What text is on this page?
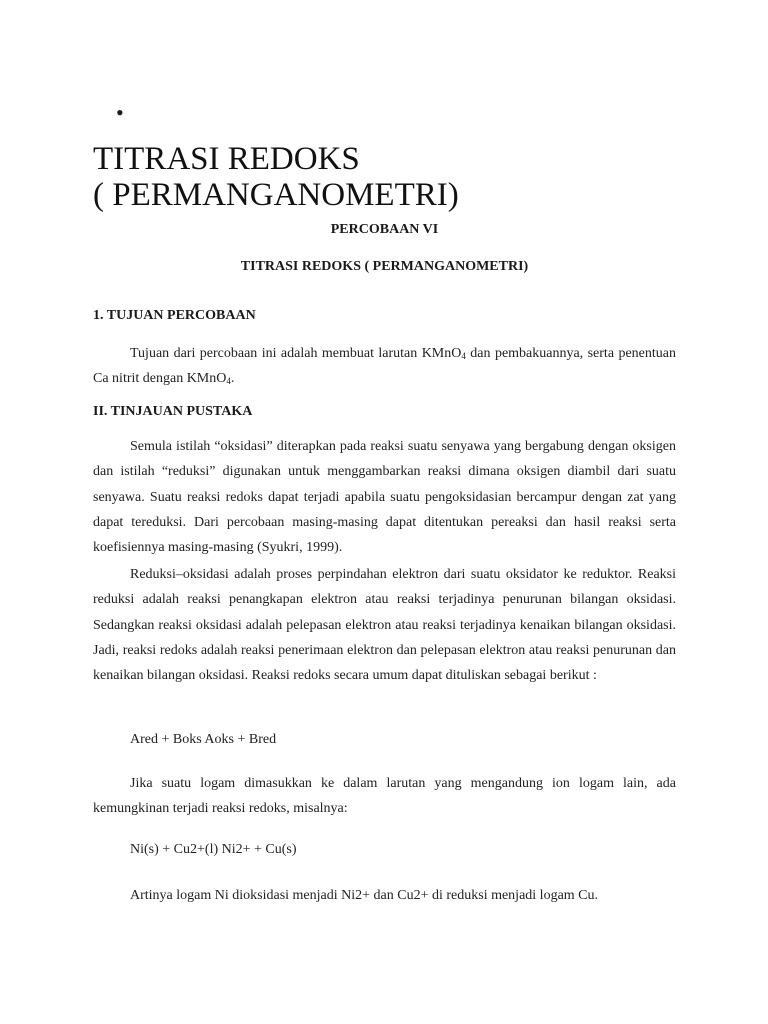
•
TITRASI REDOKS
( PERMANGANOMETRI)

PERCOBAAN VI

TITRASI REDOKS ( PERMANGANOMETRI)

1. TUJUAN PERCOBAAN

Tujuan dari percobaan ini adalah membuat larutan KMnO$_4$ dan pembakuannya, serta penentuan Ca nitrit dengan KMnO$_4$.

II. TINJAUAN PUSTAKA

Semula istilah “oksidasi” diterapkan pada reaksi suatu senyawa yang bergabung dengan oksigen dan istilah “reduksi” digunakan untuk menggambarkan reaksi dimana oksigen diambil dari suatu senyawa. Suatu reaksi redoks dapat terjadi apabila suatu pengoksidasian bercampur dengan zat yang dapat tereduksi. Dari percobaan masing-masing dapat ditentukan pereaksi dan hasil reaksi serta koefisiennya masing-masing (Syukri, 1999).

Reduksi–oksidasi adalah proses perpindahan elektron dari suatu oksidator ke reduktor. Reaksi reduksi adalah reaksi penangkapan elektron atau reaksi terjadinya penurunan bilangan oksidasi. Sedangkan reaksi oksidasi adalah pelepasan elektron atau reaksi terjadinya kenaikan bilangan oksidasi. Jadi, reaksi redoks adalah reaksi penerimaan elektron dan pelepasan elektron atau reaksi penurunan dan kenaikan bilangan oksidasi. Reaksi redoks secara umum dapat dituliskan sebagai berikut :

Ared + Boks Aoks + Bred

Jika suatu logam dimasukkan ke dalam larutan yang mengandung ion logam lain, ada kemungkinan terjadi reaksi redoks, misalnya:

Ni(s) + Cu2+(l) Ni2+ + Cu(s)

Artinya logam Ni dioksidasi menjadi Ni2+ dan Cu2+ di reduksi menjadi logam Cu.
